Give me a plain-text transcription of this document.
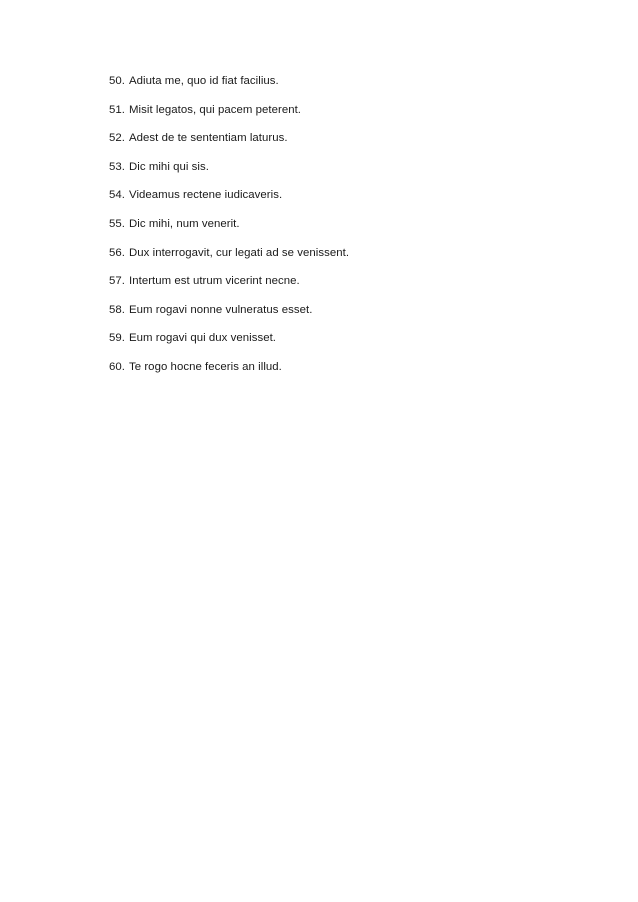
50. Adiuta me, quo id fiat facilius.
51. Misit legatos, qui pacem peterent.
52. Adest de te sententiam laturus.
53. Dic mihi qui sis.
54. Videamus rectene iudicaveris.
55. Dic mihi, num venerit.
56. Dux interrogavit, cur legati ad se venissent.
57. Intertum est utrum vicerint necne.
58. Eum rogavi nonne vulneratus esset.
59. Eum rogavi qui dux venisset.
60. Te rogo hocne feceris an illud.
